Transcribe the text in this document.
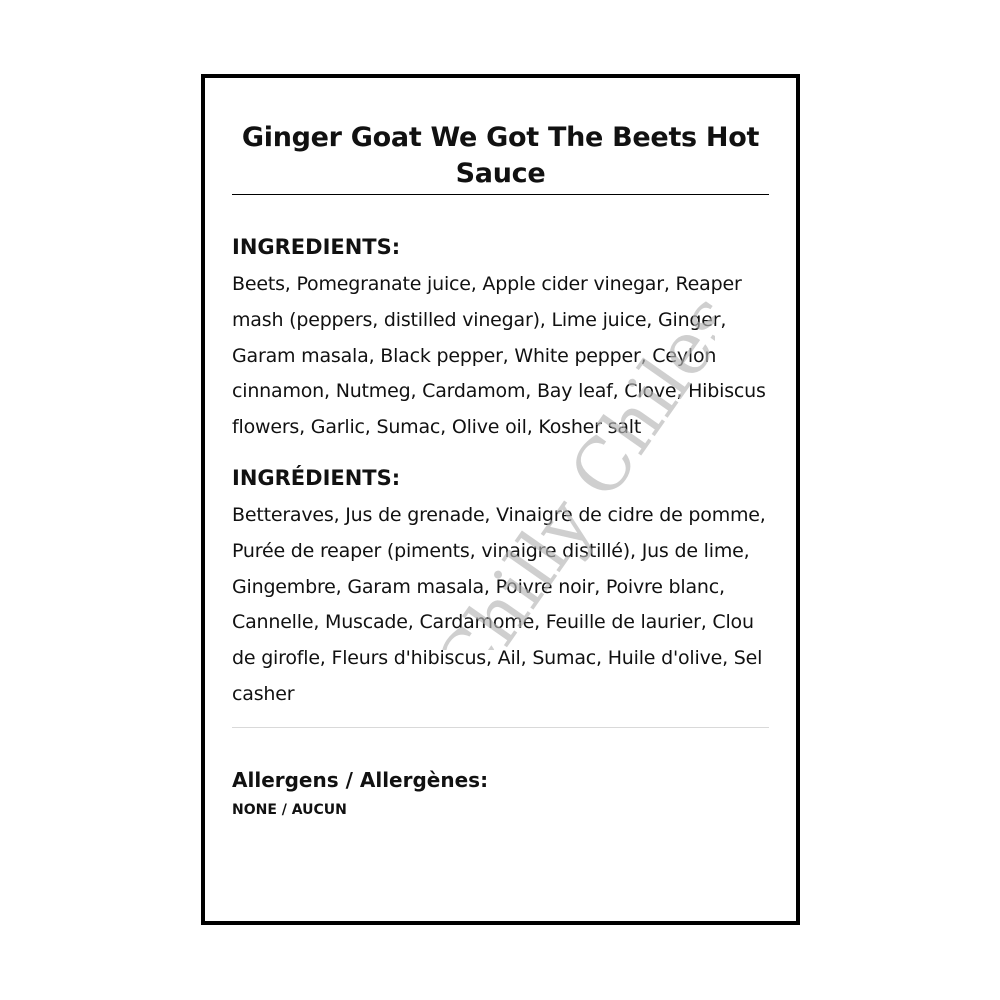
Ginger Goat We Got The Beets Hot Sauce
INGREDIENTS:

Beets, Pomegranate juice, Apple cider vinegar, Reaper mash (peppers, distilled vinegar), Lime juice, Ginger, Garam masala, Black pepper, White pepper, Ceylon cinnamon, Nutmeg, Cardamom, Bay leaf, Clove, Hibiscus flowers, Garlic, Sumac, Olive oil, Kosher salt

INGRÉDIENTS:

Betteraves, Jus de grenade, Vinaigre de cidre de pomme, Purée de reaper (piments, vinaigre distillé), Jus de lime, Gingembre, Garam masala, Poivre noir, Poivre blanc, Cannelle, Muscade, Cardamome, Feuille de laurier, Clou de girofle, Fleurs d'hibiscus, Ail, Sumac, Huile d'olive, Sel casher

Allergens / Allergènes:

NONE / AUCUN

Chilly Chiles
